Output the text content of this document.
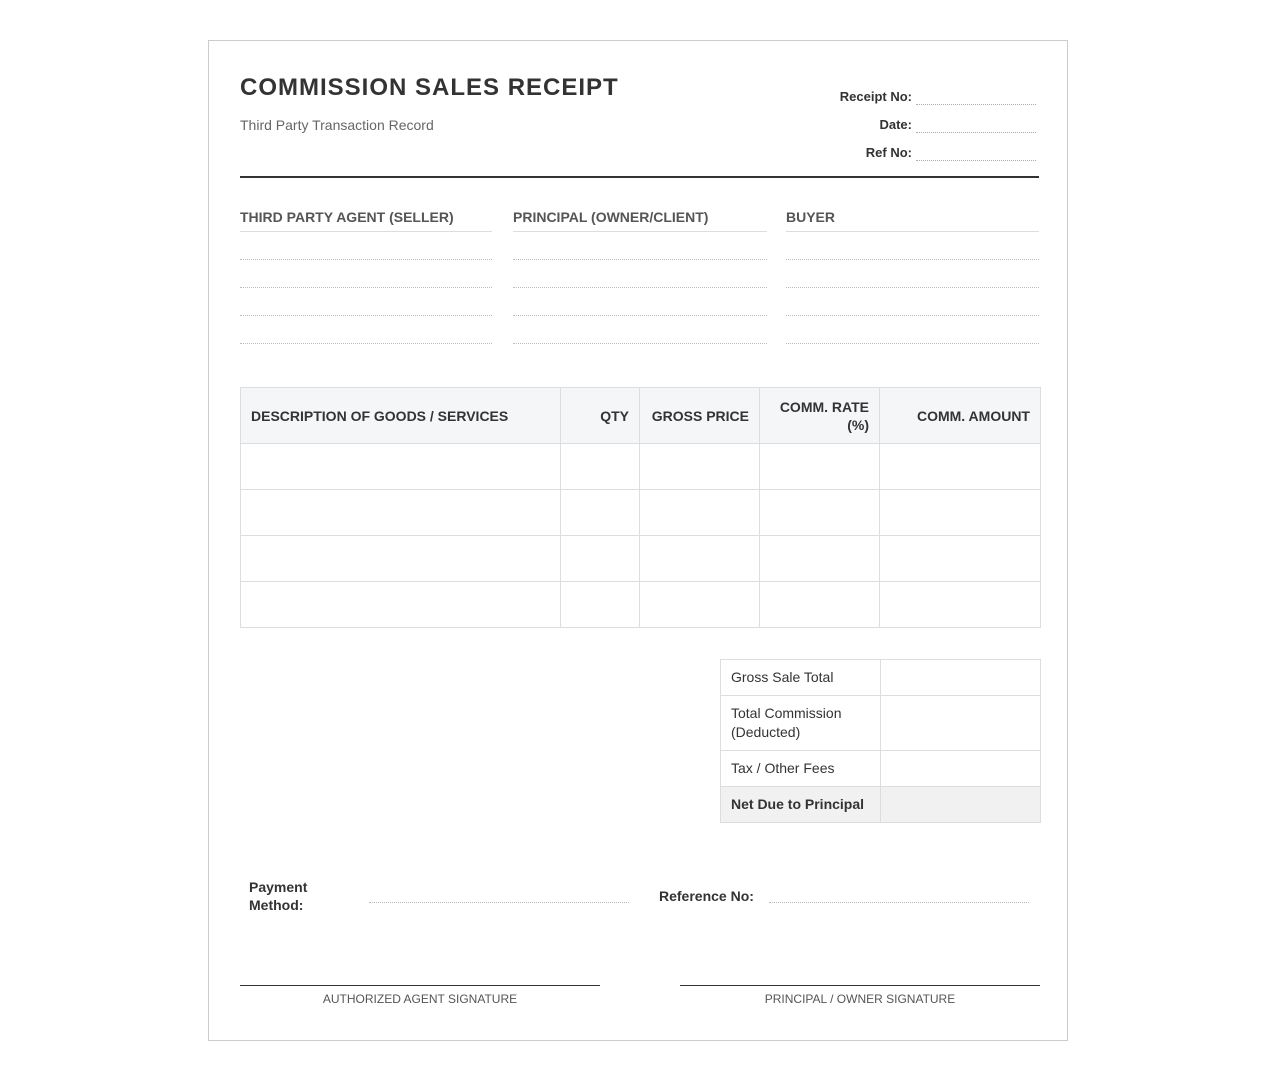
COMMISSION SALES RECEIPT
Third Party Transaction Record
Receipt No:
Date:
Ref No:
THIRD PARTY AGENT (SELLER)	PRINCIPAL (OWNER/CLIENT)	BUYER
DESCRIPTION OF GOODS / SERVICES	QTY	GROSS PRICE	COMM. RATE (%)	COMM. AMOUNT

Gross Sale Total	
Total Commission (Deducted)	
Tax / Other Fees	
Net Due to Principal	
Payment Method:
Reference No:
AUTHORIZED AGENT SIGNATURE	PRINCIPAL / OWNER SIGNATURE
